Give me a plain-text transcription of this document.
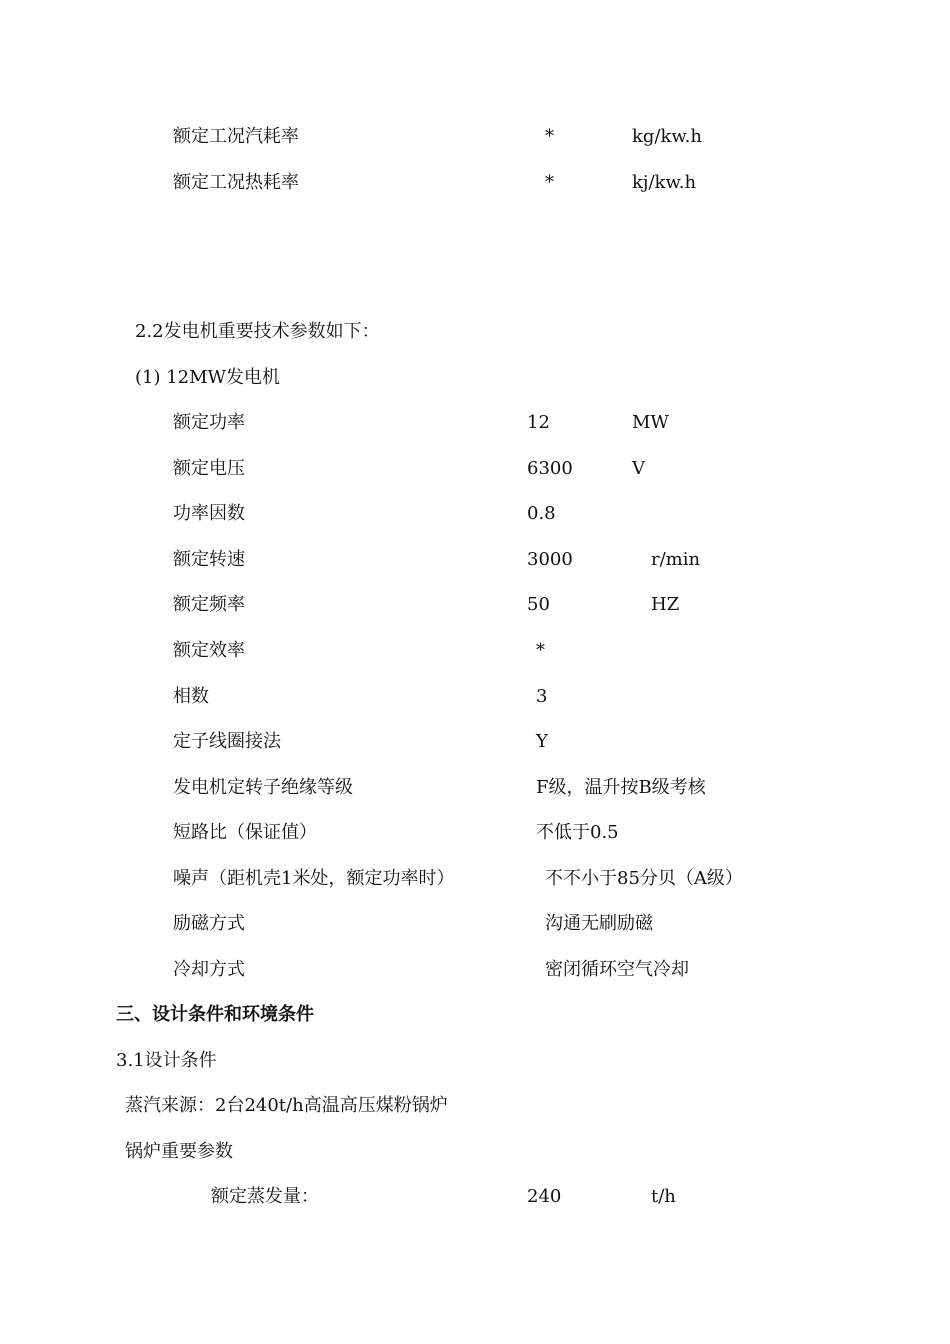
额定工况汽耗率	*	kg/kw.h
额定工况热耗率	*	kj/kw.h
2.2发电机重要技术参数如下：
(1) 12MW发电机
额定功率	12	MW
额定电压	6300	V
功率因数	0.8
额定转速	3000	r/min
额定频率	50	HZ
额定效率	*
相数	3
定子线圈接法	Y
发电机定转子绝缘等级	F级，温升按B级考核
短路比（保证值）	不低于0.5
噪声（距机壳1米处，额定功率时）	不不小于85分贝（A级）
励磁方式	沟通无刷励磁
冷却方式	密闭循环空气冷却
三、设计条件和环境条件
3.1设计条件
蒸汽来源：2台240t/h高温高压煤粉锅炉
锅炉重要参数
额定蒸发量：	240	t/h
